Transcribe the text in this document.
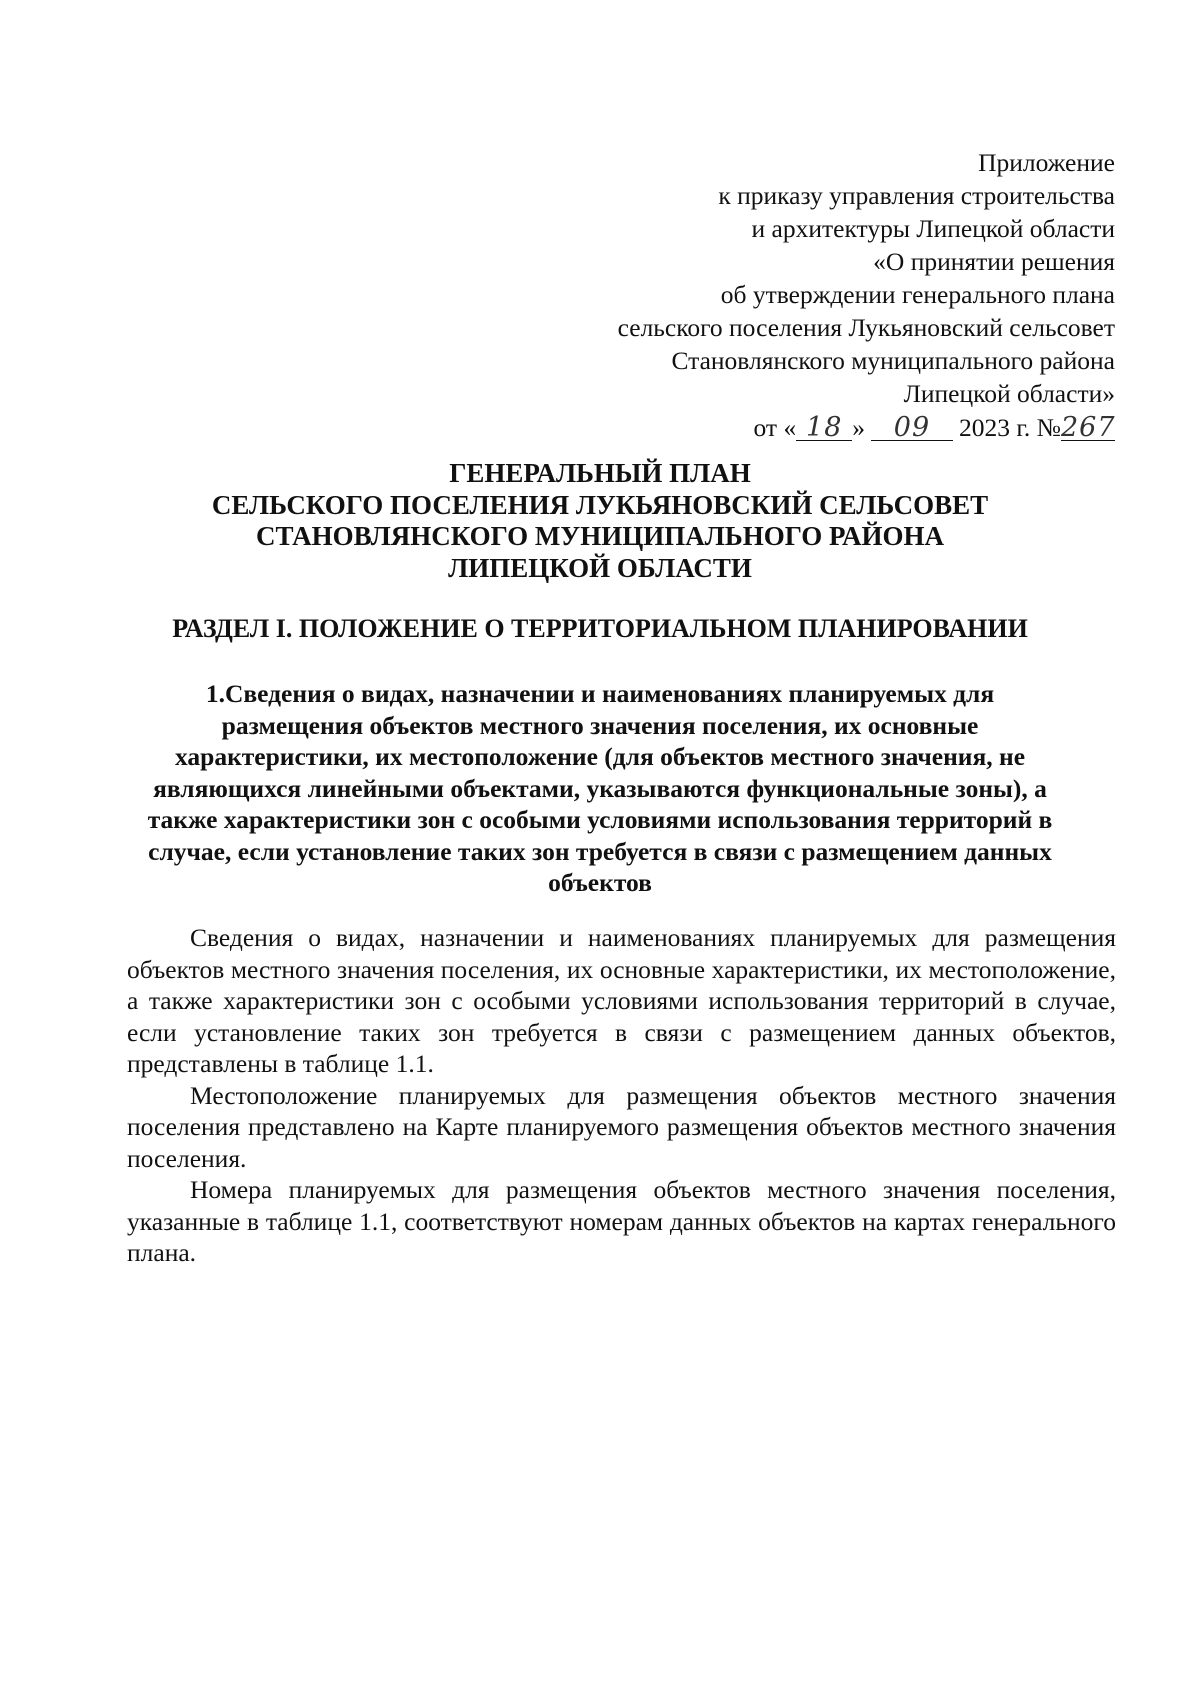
Приложение
к приказу управления строительства
и архитектуры Липецкой области
«О принятии решения
об утверждении генерального плана
сельского поселения Лукьяновский сельсовет
Становлянского муниципального района
Липецкой области»
от « 18 » 09 2023 г. №267
ГЕНЕРАЛЬНЫЙ ПЛАН
СЕЛЬСКОГО ПОСЕЛЕНИЯ ЛУКЬЯНОВСКИЙ СЕЛЬСОВЕТ
СТАНОВЛЯНСКОГО МУНИЦИПАЛЬНОГО РАЙОНА
ЛИПЕЦКОЙ ОБЛАСТИ
РАЗДЕЛ I. ПОЛОЖЕНИЕ О ТЕРРИТОРИАЛЬНОМ ПЛАНИРОВАНИИ
1.Сведения о видах, назначении и наименованиях планируемых для
размещения объектов местного значения поселения, их основные
характеристики, их местоположение (для объектов местного значения, не
являющихся линейными объектами, указываются функциональные зоны), а
также характеристики зон с особыми условиями использования территорий в
случае, если установление таких зон требуется в связи с размещением данных
объектов

Сведения о видах, назначении и наименованиях планируемых для размещения объектов местного значения поселения, их основные характеристики, их местоположение, а также характеристики зон с особыми условиями использования территорий в случае, если установление таких зон требуется в связи с размещением данных объектов, представлены в таблице 1.1.

Местоположение планируемых для размещения объектов местного значения поселения представлено на Карте планируемого размещения объектов местного значения поселения.

Номера планируемых для размещения объектов местного значения поселения, указанные в таблице 1.1, соответствуют номерам данных объектов на картах генерального плана.
